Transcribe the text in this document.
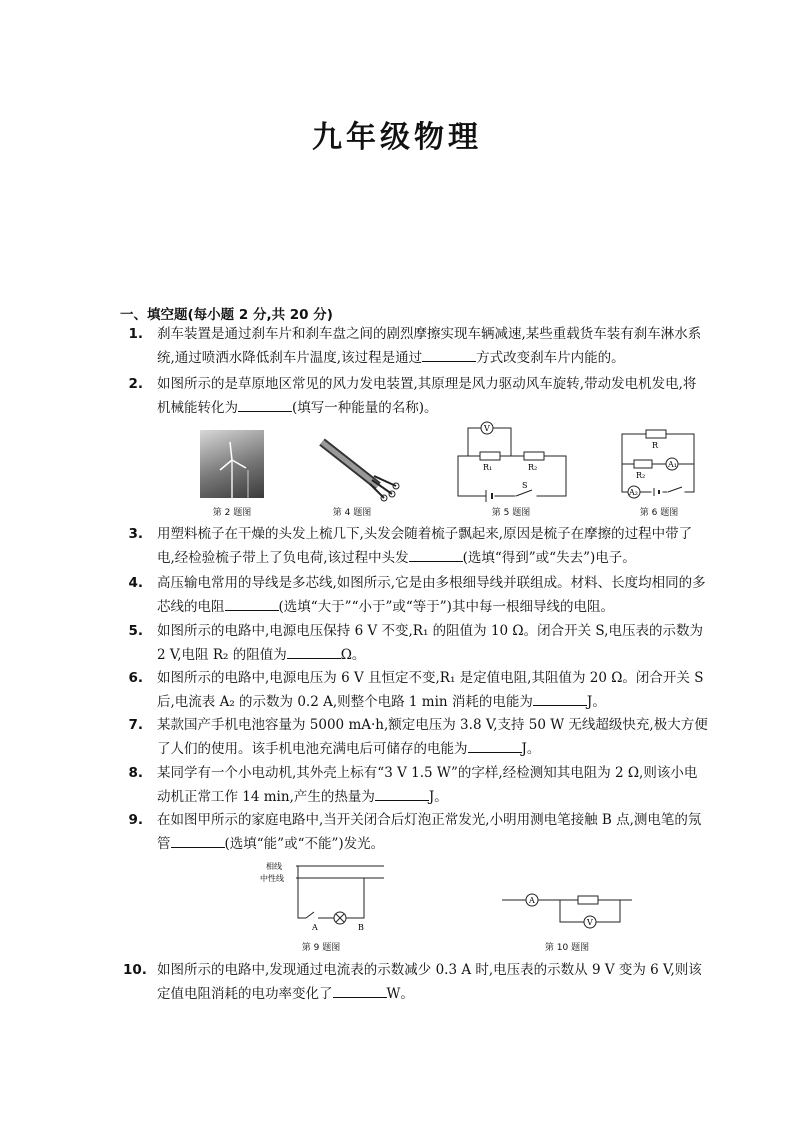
九年级物理
一、填空题(每小题 2 分,共 20 分)
1.	刹车装置是通过刹车片和刹车盘之间的剧烈摩擦实现车辆减速,某些重载货车装有刹车淋水系
统,通过喷洒水降低刹车片温度,该过程是通过	方式改变刹车片内能的。
2.	如图所示的是草原地区常见的风力发电装置,其原理是风力驱动风车旋转,带动发电机发电,将
机械能转化为	(填写一种能量的名称)。
第 2 题图	第 4 题图
V
R₁	R₂
S
第 5 题图
R
R₂
A₁
A₂
第 6 题图
3.	用塑料梳子在干燥的头发上梳几下,头发会随着梳子飘起来,原因是梳子在摩擦的过程中带了
电,经检验梳子带上了负电荷,该过程中头发	(选填“得到”或“失去”)电子。
4.	高压输电常用的导线是多芯线,如图所示,它是由多根细导线并联组成。材料、长度均相同的多
芯线的电阻	(选填“大于”“小于”或“等于”)其中每一根细导线的电阻。
5.	如图所示的电路中,电源电压保持 6 V 不变,R₁ 的阻值为 10 Ω。闭合开关 S,电压表的示数为
2 V,电阻 R₂ 的阻值为	Ω。
6.	如图所示的电路中,电源电压为 6 V 且恒定不变,R₁ 是定值电阻,其阻值为 20 Ω。闭合开关 S
后,电流表 A₂ 的示数为 0.2 A,则整个电路 1 min 消耗的电能为	J。
7.	某款国产手机电池容量为 5000 mA·h,额定电压为 3.8 V,支持 50 W 无线超级快充,极大方便
了人们的使用。该手机电池充满电后可储存的电能为	J。
8.	某同学有一个小电动机,其外壳上标有“3 V 1.5 W”的字样,经检测知其电阻为 2 Ω,则该小电
动机正常工作 14 min,产生的热量为	J。
9.	在如图甲所示的家庭电路中,当开关闭合后灯泡正常发光,小明用测电笔接触 B 点,测电笔的氖
管	(选填“能”或“不能”)发光。
相线
中性线
A	B
第 9 题图
A
V
第 10 题图
10. 如图所示的电路中,发现通过电流表的示数减少 0.3 A 时,电压表的示数从 9 V 变为 6 V,则该
定值电阻消耗的电功率变化了	W。
